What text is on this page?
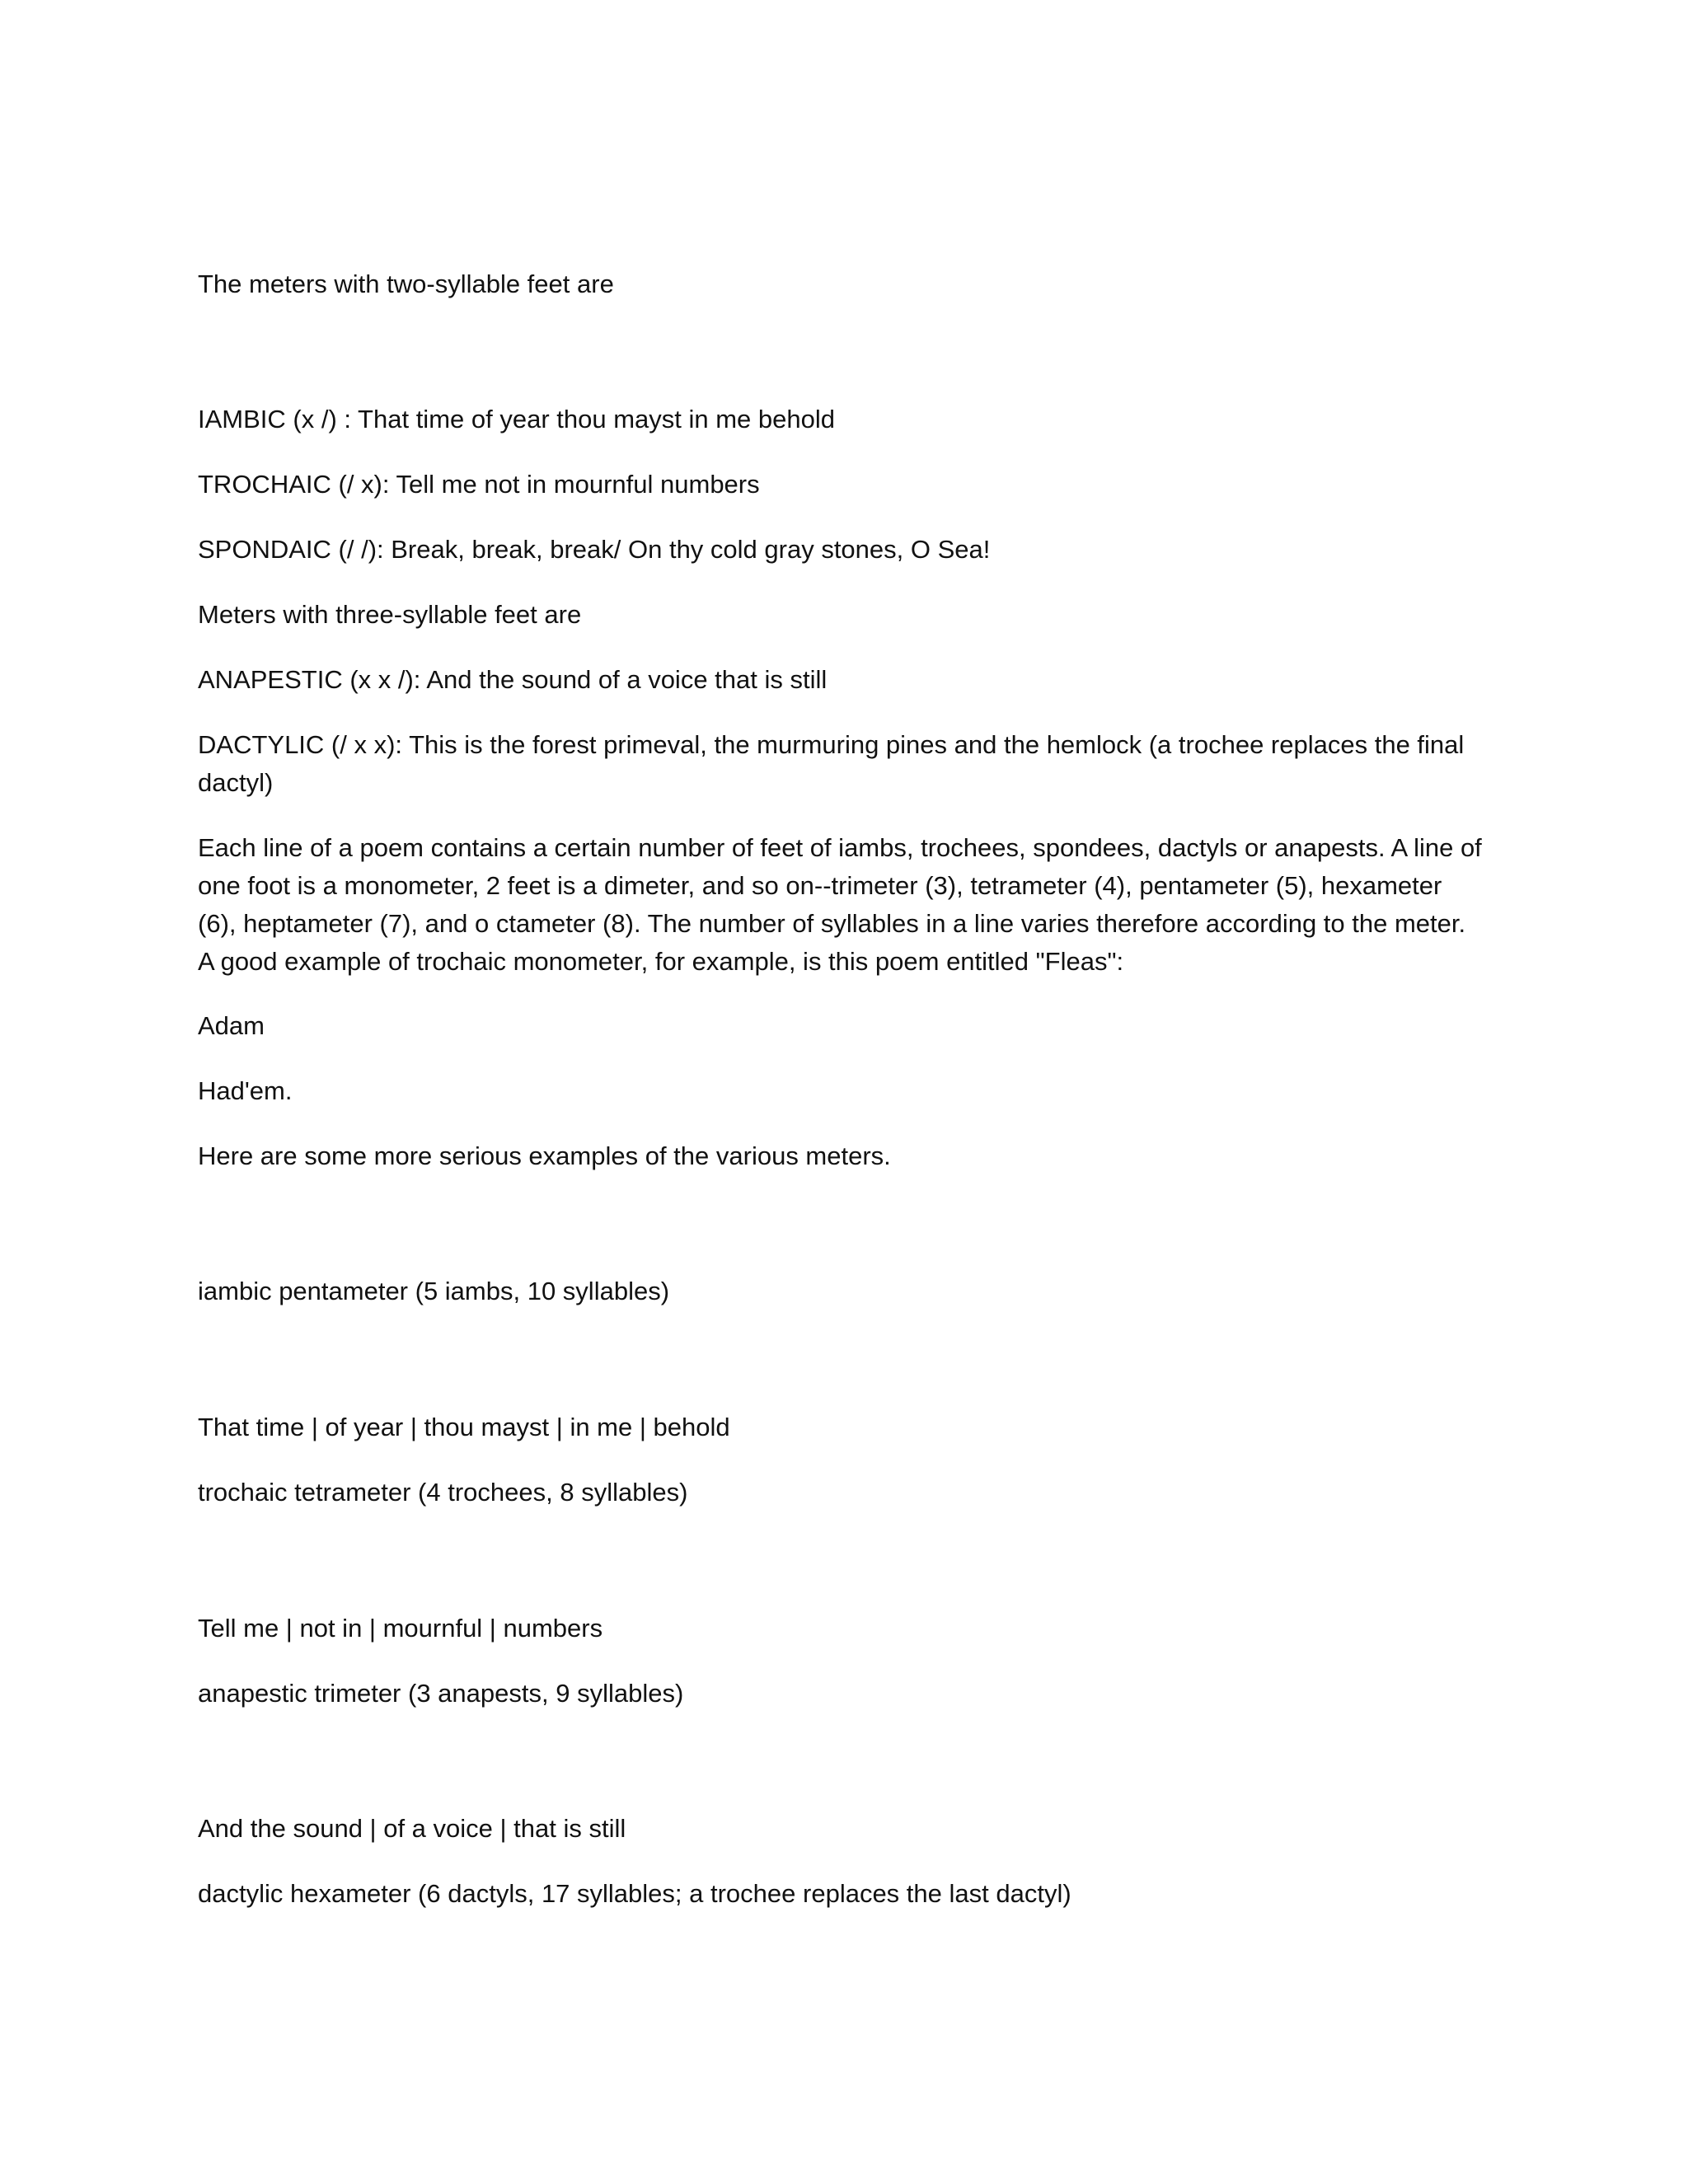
The meters with two-syllable feet are
IAMBIC (x /) : That time of year thou mayst in me behold
TROCHAIC (/ x): Tell me not in mournful numbers
SPONDAIC (/ /): Break, break, break/ On thy cold gray stones, O Sea!
Meters with three-syllable feet are
ANAPESTIC (x x /): And the sound of a voice that is still
DACTYLIC (/ x x): This is the forest primeval, the murmuring pines and the hemlock (a trochee replaces the final dactyl)
Each line of a poem contains a certain number of feet of iambs, trochees, spondees, dactyls or anapests. A line of one foot is a monometer, 2 feet is a dimeter, and so on--trimeter (3), tetrameter (4), pentameter (5), hexameter (6), heptameter (7), and o ctameter (8). The number of syllables in a line varies therefore according to the meter. A good example of trochaic monometer, for example, is this poem entitled "Fleas":
Adam
Had'em.
Here are some more serious examples of the various meters.
iambic pentameter (5 iambs, 10 syllables)
That time | of year | thou mayst | in me | behold
trochaic tetrameter (4 trochees, 8 syllables)
Tell me | not in | mournful | numbers
anapestic trimeter (3 anapests, 9 syllables)
And the sound | of a voice | that is still
dactylic hexameter (6 dactyls, 17 syllables; a trochee replaces the last dactyl)
